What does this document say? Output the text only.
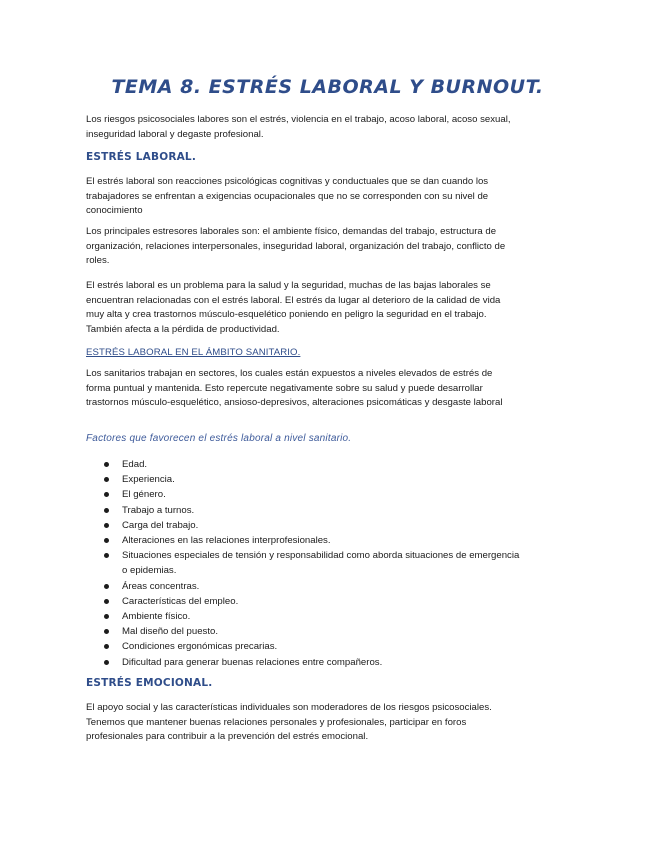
TEMA 8. ESTRÉS LABORAL Y BURNOUT.
Los riesgos psicosociales labores son el estrés, violencia en el trabajo, acoso laboral, acoso sexual, inseguridad laboral y degaste profesional.
ESTRÉS LABORAL.
El estrés laboral son reacciones psicológicas cognitivas y conductuales que se dan cuando los trabajadores se enfrentan a exigencias ocupacionales que no se corresponden con su nivel de conocimiento
Los principales estresores laborales son: el ambiente físico, demandas del trabajo, estructura de organización, relaciones interpersonales, inseguridad laboral, organización del trabajo, conflicto de roles.
El estrés laboral es un problema para la salud y la seguridad, muchas de las bajas laborales se encuentran relacionadas con el estrés laboral. El estrés da lugar al deterioro de la calidad de vida muy alta y crea trastornos músculo-esquelético poniendo en peligro la seguridad en el trabajo. También afecta a la pérdida de productividad.
ESTRÉS LABORAL EN EL ÁMBITO SANITARIO.
Los sanitarios trabajan en sectores, los cuales están expuestos a niveles elevados de estrés de forma puntual y mantenida. Esto repercute negativamente sobre su salud y puede desarrollar trastornos músculo-esquelético, ansioso-depresivos, alteraciones psicomáticas y desgaste laboral
Factores que favorecen el estrés laboral a nivel sanitario.
Edad.
Experiencia.
El género.
Trabajo a turnos.
Carga del trabajo.
Alteraciones en las relaciones interprofesionales.
Situaciones especiales de tensión y responsabilidad como aborda situaciones de emergencia o epidemias.
Áreas concentras.
Características del empleo.
Ambiente físico.
Mal diseño del puesto.
Condiciones ergonómicas precarias.
Dificultad para generar buenas relaciones entre compañeros.
ESTRÉS EMOCIONAL.
El apoyo social y las características individuales son moderadores de los riesgos psicosociales. Tenemos que mantener buenas relaciones personales y profesionales, participar en foros profesionales para contribuir a la prevención del estrés emocional.
